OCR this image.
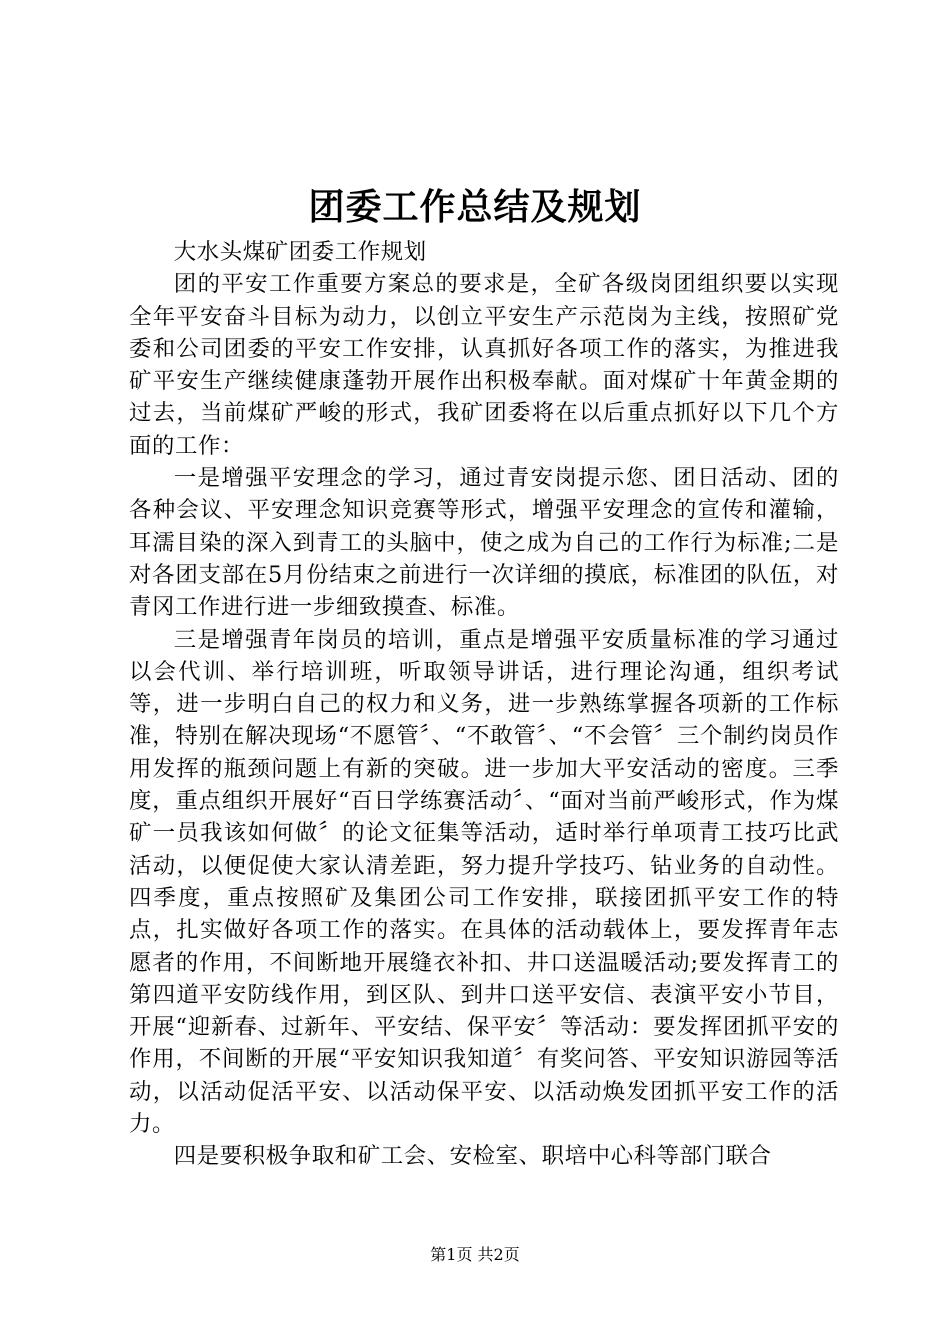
团委工作总结及规划

大水头煤矿团委工作规划

团的平安工作重要方案总的要求是，全矿各级岗团组织要以实现全年平安奋斗目标为动力，以创立平安生产示范岗为主线，按照矿党委和公司团委的平安工作安排，认真抓好各项工作的落实，为推进我矿平安生产继续健康蓬勃开展作出积极奉献。面对煤矿十年黄金期的过去，当前煤矿严峻的形式，我矿团委将在以后重点抓好以下几个方面的工作：

一是增强平安理念的学习，通过青安岗提示您、团日活动、团的各种会议、平安理念知识竞赛等形式，增强平安理念的宣传和灌输，耳濡目染的深入到青工的头脑中，使之成为自己的工作行为标准;二是对各团支部在5月份结束之前进行一次详细的摸底，标准团的队伍，对青冈工作进行进一步细致摸查、标准。

三是增强青年岗员的培训，重点是增强平安质量标准的学习通过以会代训、举行培训班，听取领导讲话，进行理论沟通，组织考试等，进一步明白自己的权力和义务，进一步熟练掌握各项新的工作标准，特别在解决现场“不愿管〞、“不敢管〞、“不会管〞三个制约岗员作用发挥的瓶颈问题上有新的突破。进一步加大平安活动的密度。三季度，重点组织开展好“百日学练赛活动〞、“面对当前严峻形式，作为煤矿一员我该如何做〞的论文征集等活动，适时举行单项青工技巧比武活动，以便促使大家认清差距，努力提升学技巧、钻业务的自动性。四季度，重点按照矿及集团公司工作安排，联接团抓平安工作的特点，扎实做好各项工作的落实。在具体的活动载体上，要发挥青年志愿者的作用，不间断地开展缝衣补扣、井口送温暖活动;要发挥青工的第四道平安防线作用，到区队、到井口送平安信、表演平安小节目，开展“迎新春、过新年、平安结、保平安〞等活动：要发挥团抓平安的作用，不间断的开展“平安知识我知道〞有奖问答、平安知识游园等活动，以活动促活平安、以活动保平安、以活动焕发团抓平安工作的活力。

四是要积极争取和矿工会、安检室、职培中心科等部门联合

第1页 共2页
